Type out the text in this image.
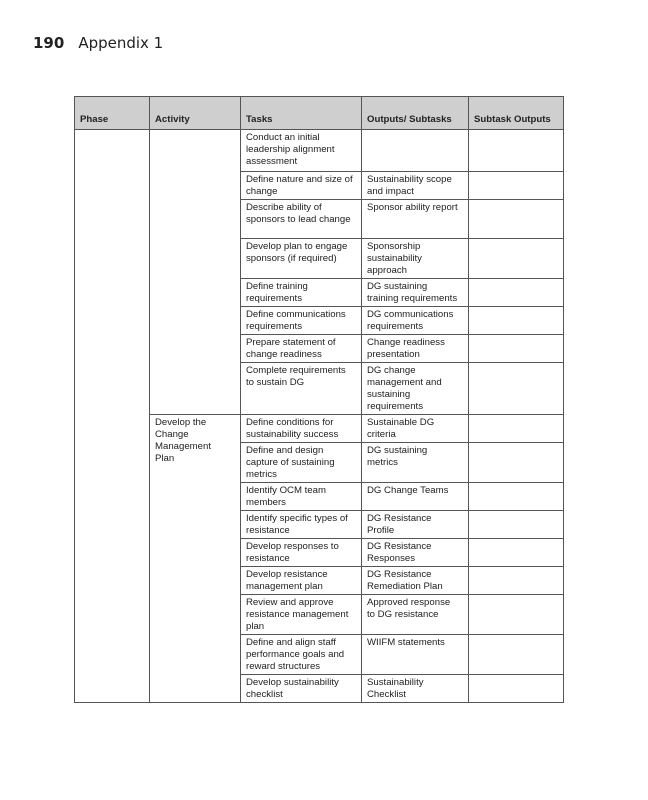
190 Appendix 1
Phase	Activity	Tasks	Outputs/ Subtasks	Subtask Outputs
		Conduct an initial leadership alignment assessment		
		Define nature and size of change	Sustainability scope and impact	
		Describe ability of sponsors to lead change	Sponsor ability report	
		Develop plan to engage sponsors (if required)	Sponsorship sustainability approach	
		Define training requirements	DG sustaining training requirements	
		Define communications requirements	DG communications requirements	
		Prepare statement of change readiness	Change readiness presentation	
		Complete requirements to sustain DG	DG change management and sustaining requirements	
	Develop the Change Management Plan	Define conditions for sustainability success	Sustainable DG criteria	
		Define and design capture of sustaining metrics	DG sustaining metrics	
		Identify OCM team members	DG Change Teams	
		Identify specific types of resistance	DG Resistance Profile	
		Develop responses to resistance	DG Resistance Responses	
		Develop resistance management plan	DG Resistance Remediation Plan	
		Review and approve resistance management plan	Approved response to DG resistance	
		Define and align staff performance goals and reward structures	WIIFM statements	
		Develop sustainability checklist	Sustainability Checklist	
